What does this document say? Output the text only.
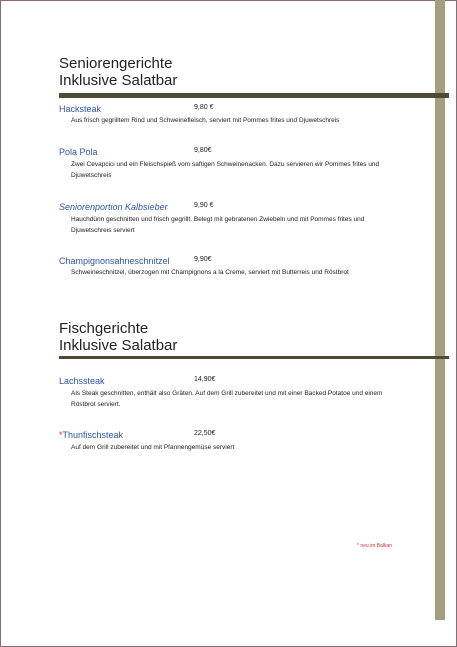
Seniorengerichte
Inklusive Salatbar
Hacksteak	9,80 €
Aus frisch gegrilltem Rind und Schweinefleisch, serviert mit Pommes frites und Djuwetschreis
Pola Pola	9,80€
Zwei Cevapcici und ein Fleischspieß vom saftigen Schweinenacken. Dazu servieren wir Pommes frites und Djuwetschreis
Seniorenportion Kalbsieber	9,90 €
Hauchdünn geschnitten und frisch gegrillt. Belegt mit gebratenen Zwiebeln und mit Pommes frites und Djuwetschreis serviert
Champignonsahneschnitzel	9,90€
Schweineschnitzel, überzogen mit Champignons a la Creme, serviert mit Butterreis und Röstbrot
Fischgerichte
Inklusive Salatbar
Lachssteak	14,90€
Als Steak geschnitten, enthält also Gräten. Auf dem Grill zubereitet und mit einer Backed Potatoe und einem Röstbrot serviert.
*Thunfischsteak	22,50€
Auf dem Grill zubereitet und mit Pfannengemüse serviert
* neu im Balkan
